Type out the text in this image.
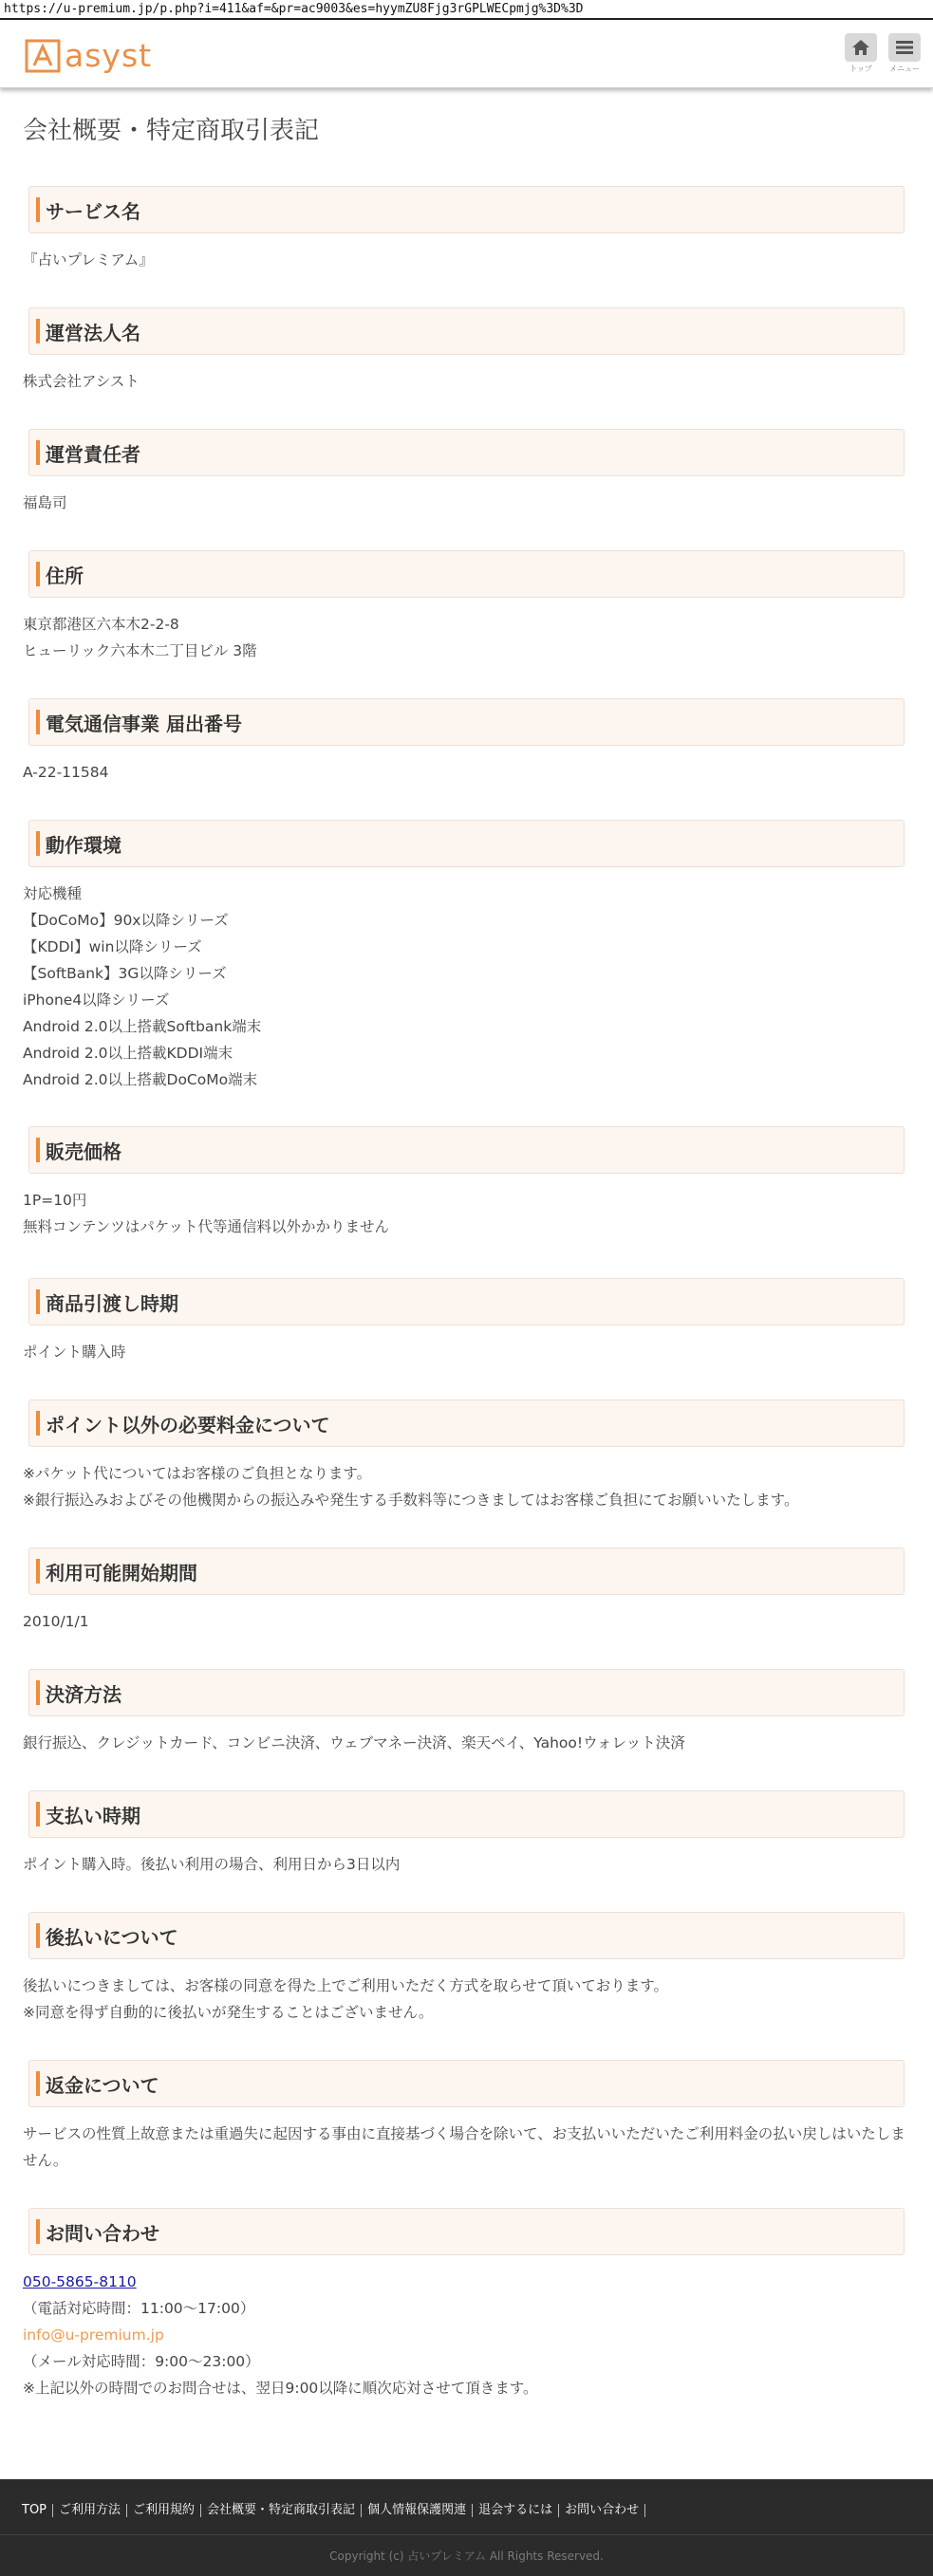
https://u-premium.jp/p.php?i=411&af=&pr=ac9003&es=hyymZU8Fjg3rGPLWECpmjg%3D%3D
asyst	トップ	メニュー
会社概要・特定商取引表記
サービス名
『占いプレミアム』
運営法人名
株式会社アシスト
運営責任者
福島司
住所
東京都港区六本木2-2-8
ヒューリック六本木二丁目ビル 3階
電気通信事業 届出番号
A-22-11584
動作環境
対応機種
【DoCoMo】90x以降シリーズ
【KDDI】win以降シリーズ
【SoftBank】3G以降シリーズ
iPhone4以降シリーズ
Android 2.0以上搭載Softbank端末
Android 2.0以上搭載KDDI端末
Android 2.0以上搭載DoCoMo端末
販売価格
1P=10円
無料コンテンツはパケット代等通信料以外かかりません
商品引渡し時期
ポイント購入時
ポイント以外の必要料金について
※パケット代についてはお客様のご負担となります。
※銀行振込みおよびその他機関からの振込みや発生する手数料等につきましてはお客様ご負担にてお願いいたします。
利用可能開始期間
2010/1/1
決済方法
銀行振込、クレジットカード、コンビニ決済、ウェブマネー決済、楽天ペイ、Yahoo!ウォレット決済
支払い時期
ポイント購入時。後払い利用の場合、利用日から3日以内
後払いについて
後払いにつきましては、お客様の同意を得た上でご利用いただく方式を取らせて頂いております。
※同意を得ず自動的に後払いが発生することはございません。
返金について
サービスの性質上故意または重過失に起因する事由に直接基づく場合を除いて、お支払いいただいたご利用料金の払い戻しはいたしません。
お問い合わせ
050-5865-8110
（電話対応時間：11:00〜17:00）
info@u-premium.jp
（メール対応時間：9:00〜23:00）
※上記以外の時間でのお問合せは、翌日9:00以降に順次応対させて頂きます。
TOP	ご利用方法	ご利用規約	会社概要・特定商取引表記	個人情報保護関連	退会するには	お問い合わせ
Copyright (c) 占いプレミアム All Rights Reserved.
